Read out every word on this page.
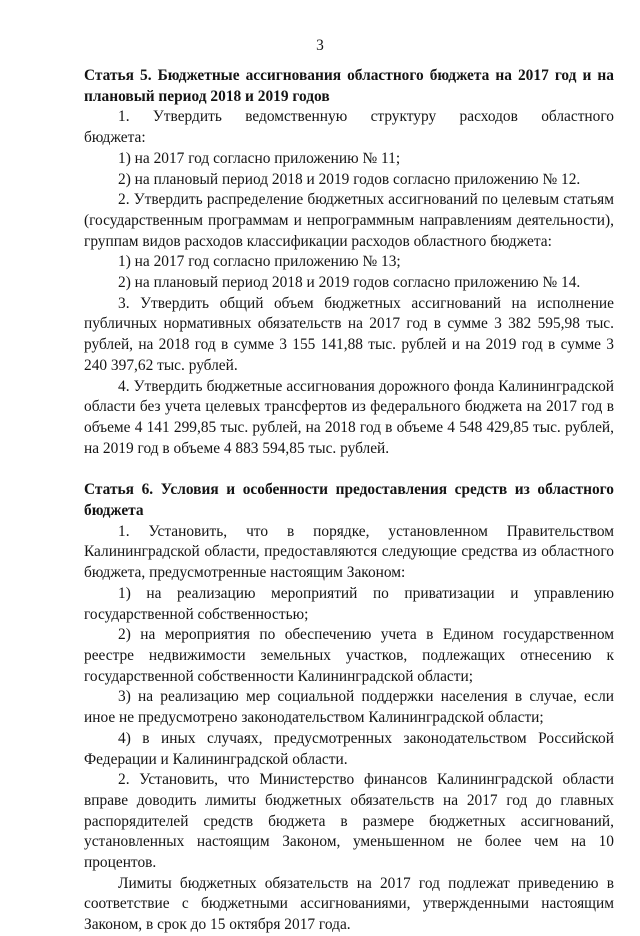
3
Статья 5. Бюджетные ассигнования областного бюджета на 2017 год и на плановый период 2018 и 2019 годов

1. Утвердить ведомственную структуру расходов областного бюджета:

1) на 2017 год согласно приложению № 11;

2) на плановый период 2018 и 2019 годов согласно приложению № 12.

2. Утвердить распределение бюджетных ассигнований по целевым статьям (государственным программам и непрограммным направлениям деятельности), группам видов расходов классификации расходов областного бюджета:

1) на 2017 год согласно приложению № 13;

2) на плановый период 2018 и 2019 годов согласно приложению № 14.

3. Утвердить общий объем бюджетных ассигнований на исполнение публичных нормативных обязательств на 2017 год в сумме 3 382 595,98 тыс. рублей, на 2018 год в сумме 3 155 141,88 тыс. рублей и на 2019 год в сумме 3 240 397,62 тыс. рублей.

4. Утвердить бюджетные ассигнования дорожного фонда Калининградской области без учета целевых трансфертов из федерального бюджета на 2017 год в объеме 4 141 299,85 тыс. рублей, на 2018 год в объеме 4 548 429,85 тыс. рублей, на 2019 год в объеме 4 883 594,85 тыс. рублей.

Статья 6. Условия и особенности предоставления средств из областного бюджета

1. Установить, что в порядке, установленном Правительством Калининградской области, предоставляются следующие средства из областного бюджета, предусмотренные настоящим Законом:

1) на реализацию мероприятий по приватизации и управлению государственной собственностью;

2) на мероприятия по обеспечению учета в Едином государственном реестре недвижимости земельных участков, подлежащих отнесению к государственной собственности Калининградской области;

3) на реализацию мер социальной поддержки населения в случае, если иное не предусмотрено законодательством Калининградской области;

4) в иных случаях, предусмотренных законодательством Российской Федерации и Калининградской области.

2. Установить, что Министерство финансов Калининградской области вправе доводить лимиты бюджетных обязательств на 2017 год до главных распорядителей средств бюджета в размере бюджетных ассигнований, установленных настоящим Законом, уменьшенном не более чем на 10 процентов.

Лимиты бюджетных обязательств на 2017 год подлежат приведению в соответствие с бюджетными ассигнованиями, утвержденными настоящим Законом, в срок до 15 октября 2017 года.
